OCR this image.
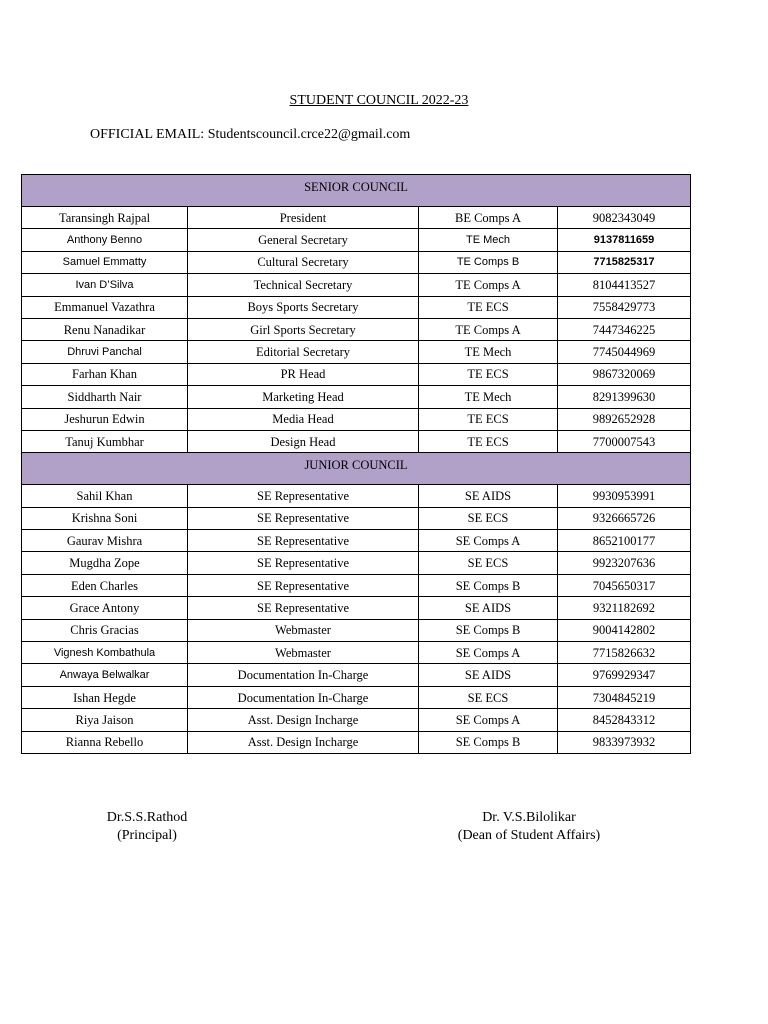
STUDENT COUNCIL 2022-23
OFFICIAL EMAIL: Studentscouncil.crce22@gmail.com
SENIOR COUNCIL			
Taransingh Rajpal	President	BE Comps A	9082343049
Anthony Benno	General Secretary	TE Mech	9137811659
Samuel Emmatty	Cultural Secretary	TE Comps B	7715825317
Ivan D’Silva	Technical Secretary	TE Comps A	8104413527
Emmanuel Vazathra	Boys Sports Secretary	TE ECS	7558429773
Renu Nanadikar	Girl Sports Secretary	TE Comps A	7447346225
Dhruvi Panchal	Editorial Secretary	TE Mech	7745044969
Farhan Khan	PR Head	TE ECS	9867320069
Siddharth Nair	Marketing Head	TE Mech	8291399630
Jeshurun Edwin	Media Head	TE ECS	9892652928
Tanuj Kumbhar	Design Head	TE ECS	7700007543
JUNIOR COUNCIL			
Sahil Khan	SE Representative	SE AIDS	9930953991
Krishna Soni	SE Representative	SE ECS	9326665726
Gaurav Mishra	SE Representative	SE Comps A	8652100177
Mugdha Zope	SE Representative	SE ECS	9923207636
Eden Charles	SE Representative	SE Comps B	7045650317
Grace Antony	SE Representative	SE AIDS	9321182692
Chris Gracias	Webmaster	SE Comps B	9004142802
Vignesh Kombathula	Webmaster	SE Comps A	7715826632
Anwaya Belwalkar	Documentation In-Charge	SE AIDS	9769929347
Ishan Hegde	Documentation In-Charge	SE ECS	7304845219
Riya Jaison	Asst. Design Incharge	SE Comps A	8452843312
Rianna Rebello	Asst. Design Incharge	SE Comps B	9833973932
Dr.S.S.Rathod
(Principal)
Dr. V.S.Bilolikar
(Dean of Student Affairs)
